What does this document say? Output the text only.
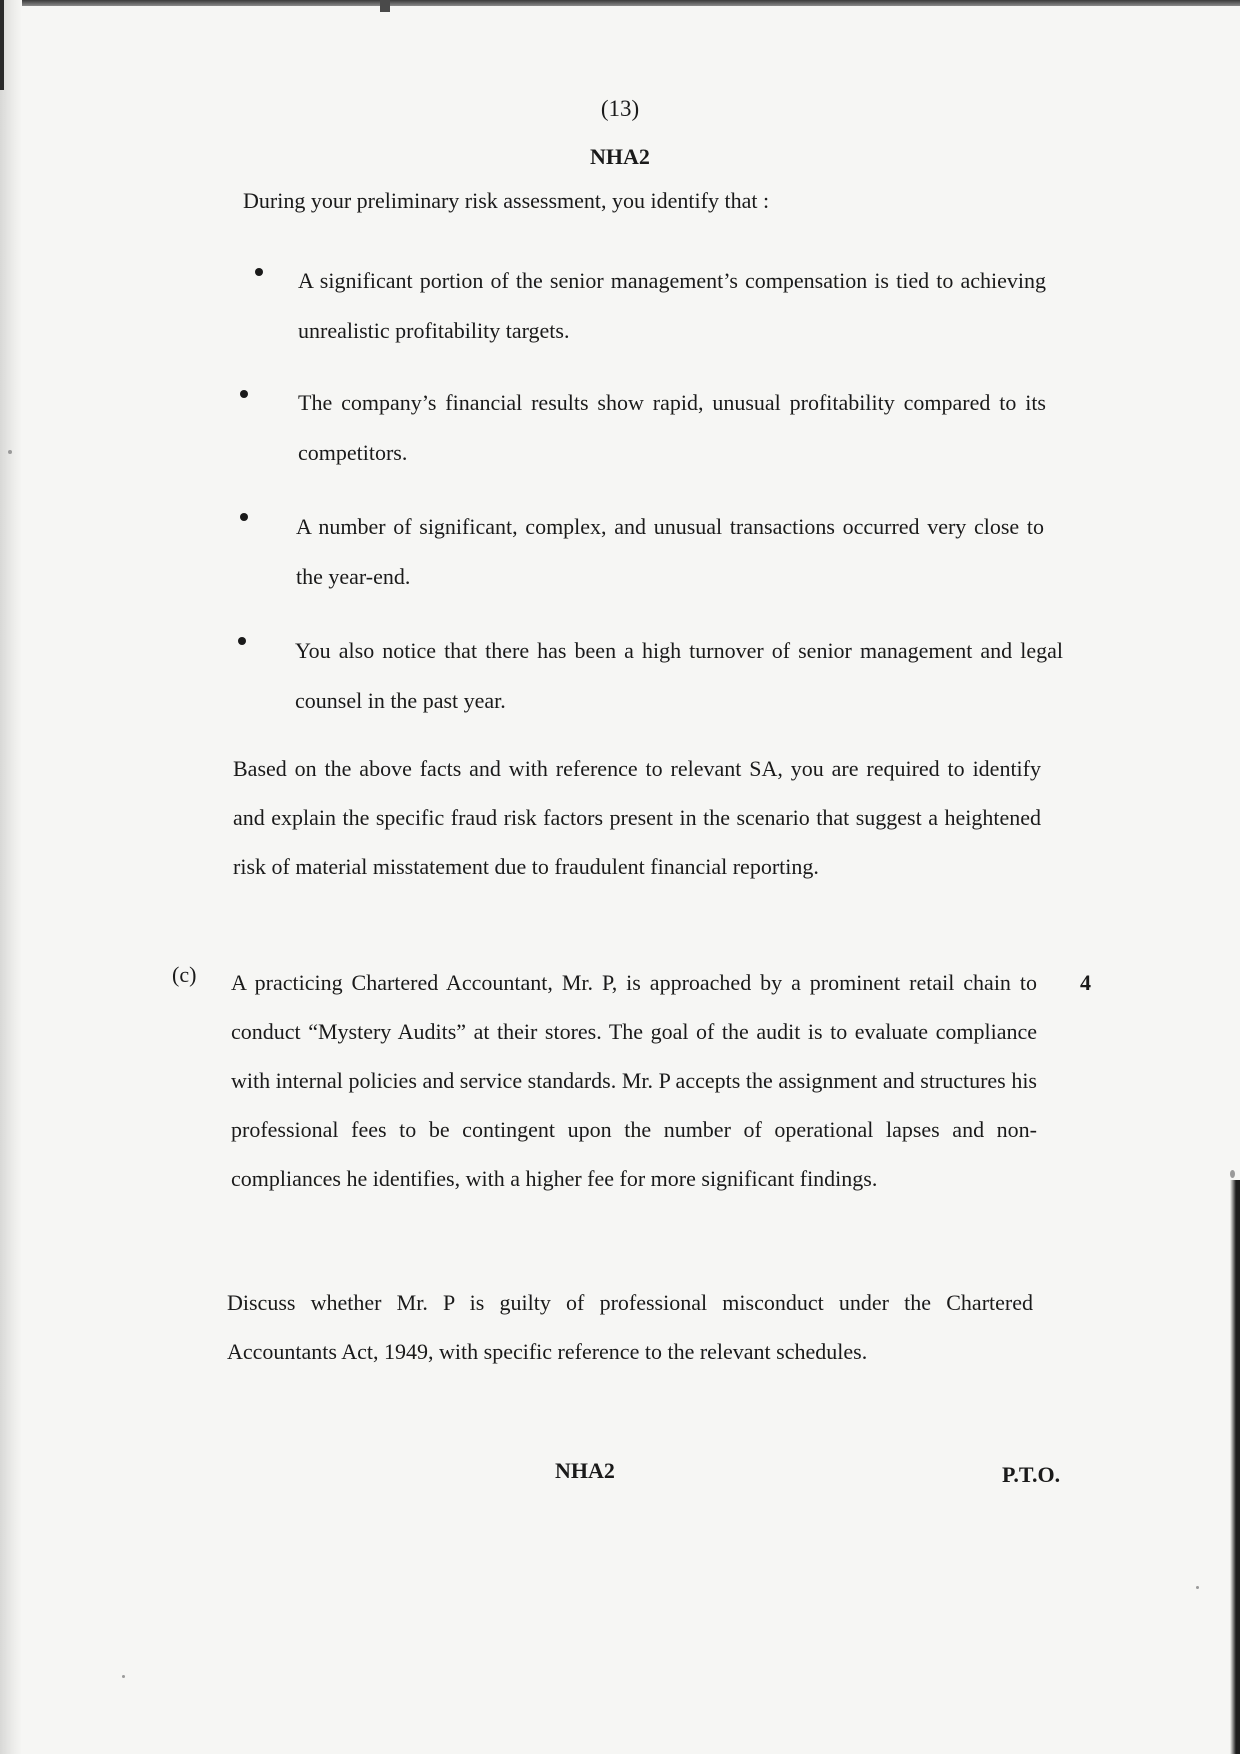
(13)
NHA2
During your preliminary risk assessment, you identify that :
A significant portion of the senior management’s compensation is tied to achieving unrealistic profitability targets.
The company’s financial results show rapid, unusual profitability compared to its competitors.
A number of significant, complex, and unusual transactions occurred very close to the year-end.
You also notice that there has been a high turnover of senior management and legal counsel in the past year.
Based on the above facts and with reference to relevant SA, you are required to identify and explain the specific fraud risk factors present in the scenario that suggest a heightened risk of material misstatement due to fraudulent financial reporting.
(c)	4
A practicing Chartered Accountant, Mr. P, is approached by a prominent retail chain to conduct “Mystery Audits” at their stores. The goal of the audit is to evaluate compliance with internal policies and service standards. Mr. P accepts the assignment and structures his professional fees to be contingent upon the number of operational lapses and non-compliances he identifies, with a higher fee for more significant findings.
Discuss whether Mr. P is guilty of professional misconduct under the Chartered Accountants Act, 1949, with specific reference to the relevant schedules.
NHA2	P.T.O.
